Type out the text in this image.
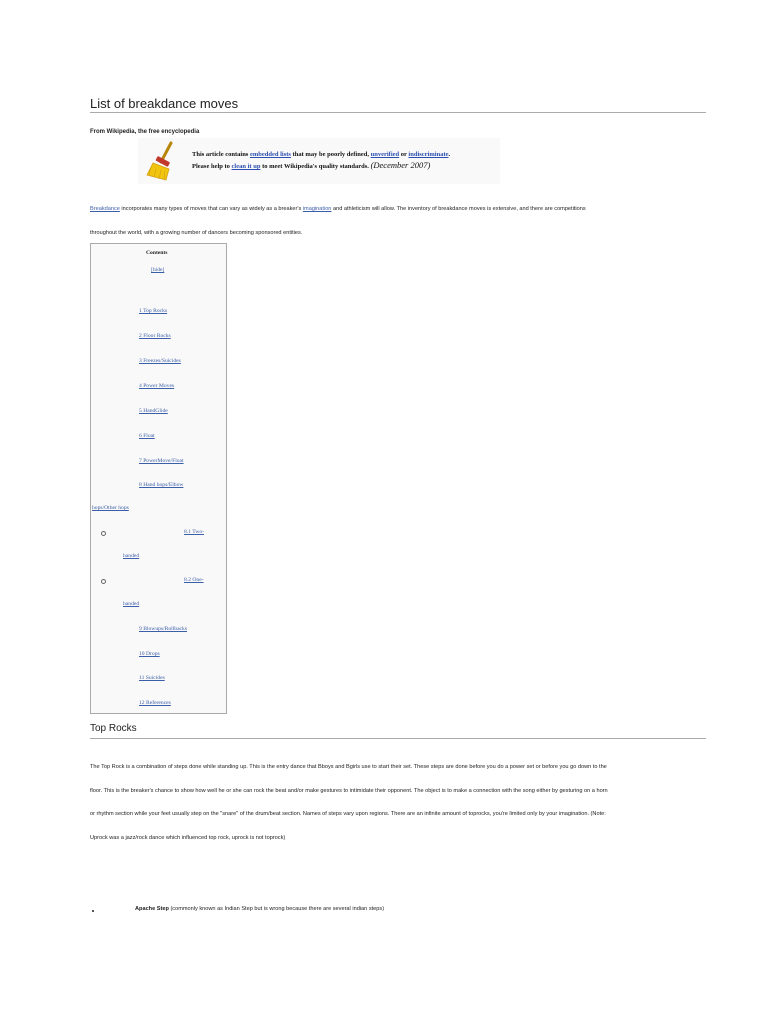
List of breakdance moves
From Wikipedia, the free encyclopedia
This article contains embedded lists that may be poorly defined, unverified or indiscriminate.
Please help to clean it up to meet Wikipedia's quality standards. (December 2007)
Breakdance incorporates many types of moves that can vary as widely as a breaker's imagination and athleticism will allow. The inventory of breakdance moves is extensive, and there are competitions
throughout the world, with a growing number of dancers becoming sponsored entities.
Contents
[hide]
1 Top Rocks
2 Floor Rocks
3 Freezes/Suicides
4 Power Moves
5 HandGlide
6 Float
7 PowerMove/Float
8 Hand hops/Elbow
hops/Other hops
8.1 Two-
handed
8.2 One-
handed
9 Blowups/Rollbacks
10 Drops
11 Suicides
12 References
Top Rocks
The Top Rock is a combination of steps done while standing up. This is the entry dance that Bboys and Bgirls use to start their set. These steps are done before you do a power set or before you go down to the
floor. This is the breaker's chance to show how well he or she can rock the beat and/or make gestures to intimidate their opponent. The object is to make a connection with the song either by gesturing on a horn
or rhythm section while your feet usually step on the "snare" of the drum/beat section. Names of steps vary upon regions. There are an infinite amount of toprocks, you're limited only by your imagination. (Note:
Uprock was a jazz/rock dance which influenced top rock, uprock is not toprock)
Apache Step (commonly known as Indian Step but is wrong because there are several indian steps)
